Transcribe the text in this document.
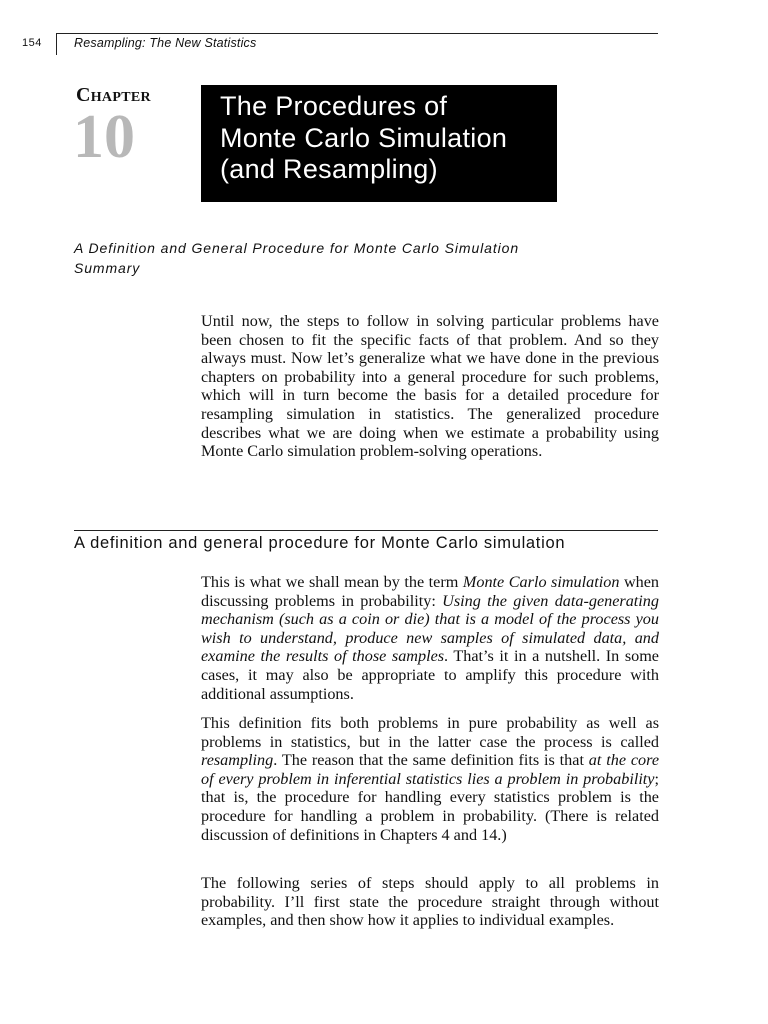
154	Resampling: The New Statistics
Chapter
10	The Procedures of
Monte Carlo Simulation
(and Resampling)
A Definition and General Procedure for Monte Carlo Simulation
Summary

Until now, the steps to follow in solving particular problems have been chosen to fit the specific facts of that problem. And so they always must. Now let’s generalize what we have done in the previous chapters on probability into a general procedure for such problems, which will in turn become the basis for a detailed procedure for resampling simulation in statistics. The generalized procedure describes what we are doing when we estimate a probability using Monte Carlo simulation problem-solving operations.

A definition and general procedure for Monte Carlo simulation

This is what we shall mean by the term Monte Carlo simulation when discussing problems in probability: Using the given data-generating mechanism (such as a coin or die) that is a model of the process you wish to understand, produce new samples of simulated data, and examine the results of those samples. That’s it in a nutshell. In some cases, it may also be appropriate to amplify this procedure with additional assumptions.

This definition fits both problems in pure probability as well as problems in statistics, but in the latter case the process is called resampling. The reason that the same definition fits is that at the core of every problem in inferential statistics lies a problem in probability; that is, the procedure for handling every statistics problem is the procedure for handling a problem in probability. (There is related discussion of definitions in Chapters 4 and 14.)

The following series of steps should apply to all problems in probability. I’ll first state the procedure straight through without examples, and then show how it applies to individual examples.
